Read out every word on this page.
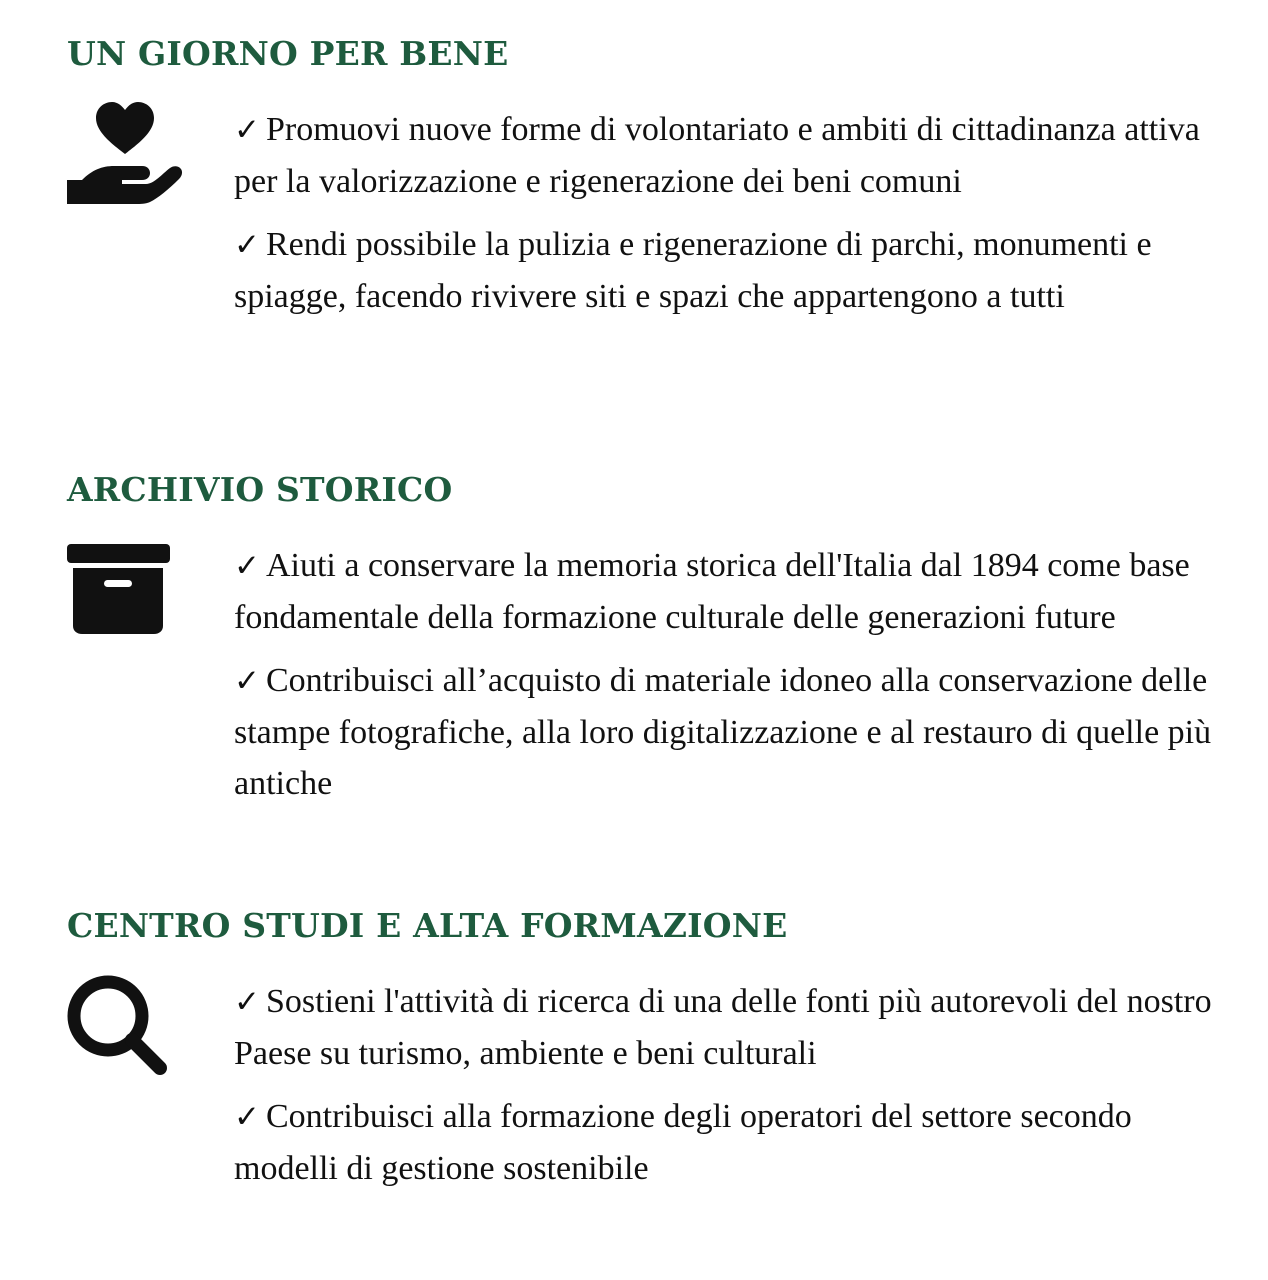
UN GIORNO PER BENE
✓ Promuovi nuove forme di volontariato e ambiti di cittadinanza attiva per la valorizzazione e rigenerazione dei beni comuni
✓ Rendi possibile la pulizia e rigenerazione di parchi, monumenti e spiagge, facendo rivivere siti e spazi che appartengono a tutti
ARCHIVIO STORICO
✓ Aiuti a conservare la memoria storica dell'Italia dal 1894 come base fondamentale della formazione culturale delle generazioni future
✓ Contribuisci all’acquisto di materiale idoneo alla conservazione delle stampe fotografiche, alla loro digitalizzazione e al restauro di quelle più antiche
CENTRO STUDI E ALTA FORMAZIONE
✓ Sostieni l'attività di ricerca di una delle fonti più autorevoli del nostro Paese su turismo, ambiente e beni culturali
✓ Contribuisci alla formazione degli operatori del settore secondo modelli di gestione sostenibile
